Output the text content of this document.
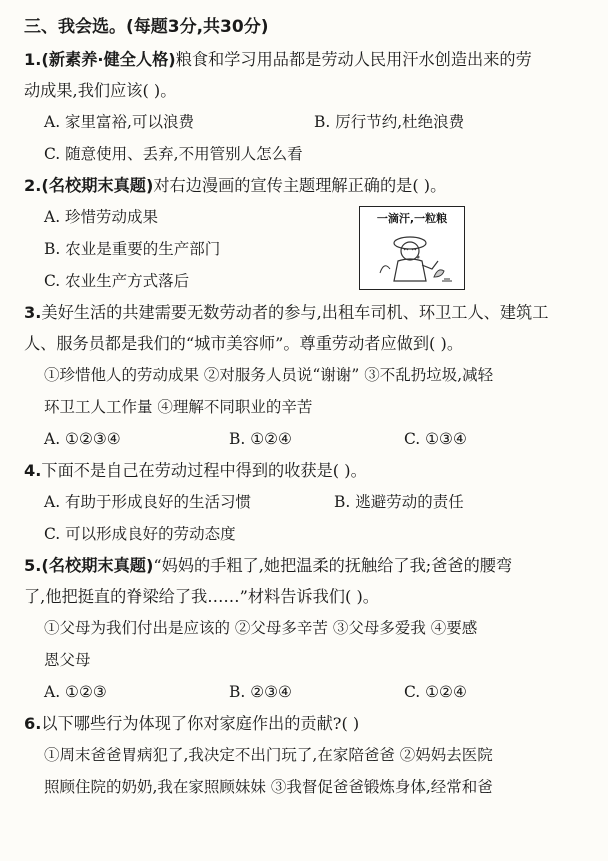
三、我会选。(每题3分,共30分)
1.(新素养·健全人格)粮食和学习用品都是劳动人民用汗水创造出来的劳
动成果,我们应该( )。
A. 家里富裕,可以浪费	B. 厉行节约,杜绝浪费
C. 随意使用、丢弃,不用管别人怎么看
2.(名校期末真题)对右边漫画的宣传主题理解正确的是( )。
A. 珍惜劳动成果
B. 农业是重要的生产部门
C. 农业生产方式落后
一滴汗,一粒粮
3.美好生活的共建需要无数劳动者的参与,出租车司机、环卫工人、建筑工
人、服务员都是我们的“城市美容师”。尊重劳动者应做到( )。
①珍惜他人的劳动成果 ②对服务人员说“谢谢” ③不乱扔垃圾,减轻
环卫工人工作量 ④理解不同职业的辛苦
A. ①②③④	B. ①②④	C. ①③④
4.下面不是自己在劳动过程中得到的收获是( )。
A. 有助于形成良好的生活习惯	B. 逃避劳动的责任
C. 可以形成良好的劳动态度
5.(名校期末真题)“妈妈的手粗了,她把温柔的抚触给了我;爸爸的腰弯
了,他把挺直的脊梁给了我……”材料告诉我们( )。
①父母为我们付出是应该的 ②父母多辛苦 ③父母多爱我 ④要感
恩父母
A. ①②③	B. ②③④	C. ①②④
6.以下哪些行为体现了你对家庭作出的贡献?( )
①周末爸爸胃病犯了,我决定不出门玩了,在家陪爸爸 ②妈妈去医院
照顾住院的奶奶,我在家照顾妹妹 ③我督促爸爸锻炼身体,经常和爸
